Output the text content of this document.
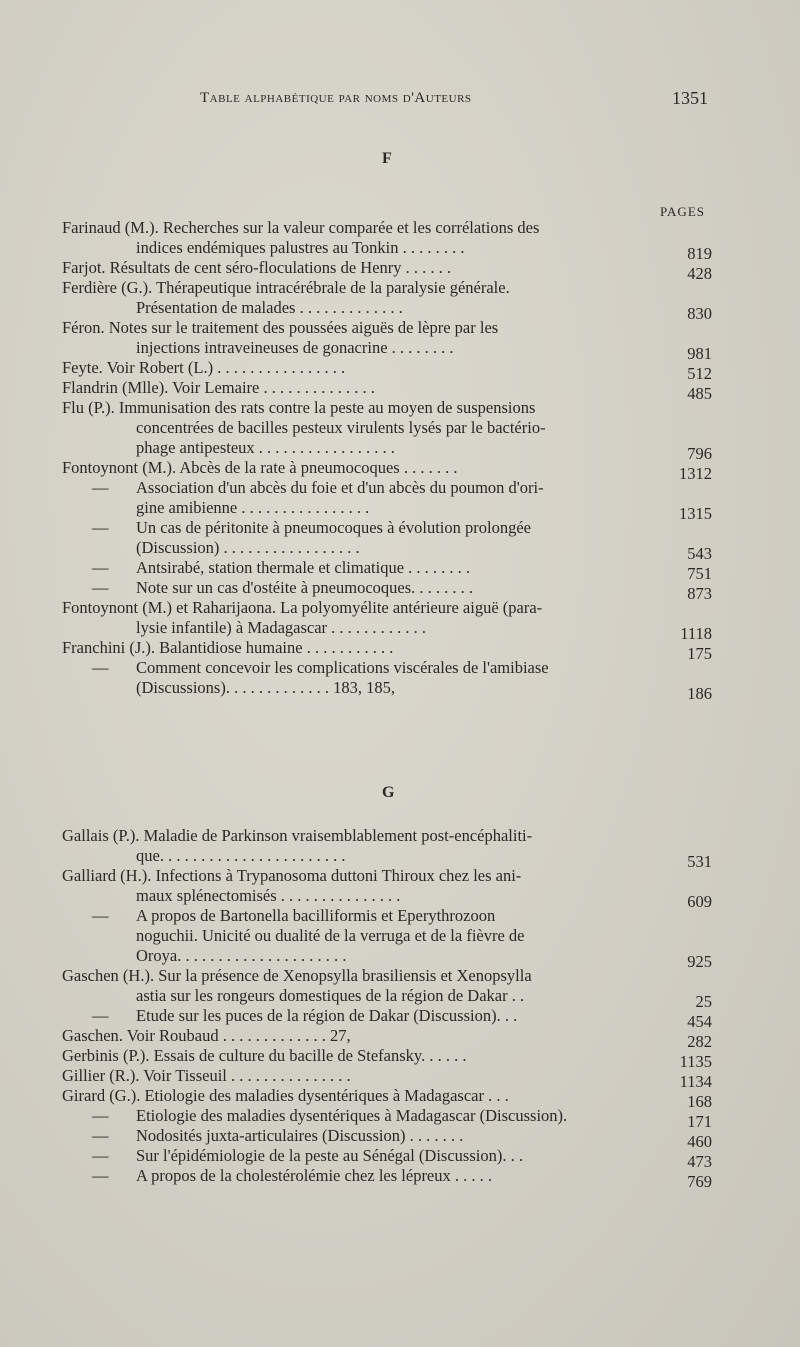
Table alphabétique par noms d'Auteurs	1351
F
PAGES
Farinaud (M.). Recherches sur la valeur comparée et les corrélations des
indices endémiques palustres au Tonkin . . . . . . . .	819
Farjot. Résultats de cent séro-floculations de Henry . . . . . .	428
Ferdière (G.). Thérapeutique intracérébrale de la paralysie générale.
Présentation de malades . . . . . . . . . . . . .	830
Féron. Notes sur le traitement des poussées aiguës de lèpre par les
injections intraveineuses de gonacrine . . . . . . . .	981
Feyte. Voir Robert (L.) . . . . . . . . . . . . . . . .	512
Flandrin (Mlle). Voir Lemaire . . . . . . . . . . . . . .	485
Flu (P.). Immunisation des rats contre la peste au moyen de suspensions
concentrées de bacilles pesteux virulents lysés par le bactério-
phage antipesteux . . . . . . . . . . . . . . . . .	796
Fontoynont (M.). Abcès de la rate à pneumocoques . . . . . . .	1312
—	Association d'un abcès du foie et d'un abcès du poumon d'ori-
gine amibienne . . . . . . . . . . . . . . . .	1315
—	Un cas de péritonite à pneumocoques à évolution prolongée
(Discussion) . . . . . . . . . . . . . . . . .	543
—	Antsirabé, station thermale et climatique . . . . . . . .	751
—	Note sur un cas d'ostéite à pneumocoques. . . . . . . .	873
Fontoynont (M.) et Raharijaona. La polyomyélite antérieure aiguë (para-
lysie infantile) à Madagascar . . . . . . . . . . . .	1118
Franchini (J.). Balantidiose humaine . . . . . . . . . . .	175
—	Comment concevoir les complications viscérales de l'amibiase
(Discussions). . . . . . . . . . . . . 183, 185,	186
G
Gallais (P.). Maladie de Parkinson vraisemblablement post-encéphaliti-
que. . . . . . . . . . . . . . . . . . . . . . .	531
Galliard (H.). Infections à Trypanosoma duttoni Thiroux chez les ani-
maux splénectomisés . . . . . . . . . . . . . . .	609
—	A propos de Bartonella bacilliformis et Eperythrozoon
noguchii. Unicité ou dualité de la verruga et de la fièvre de
Oroya. . . . . . . . . . . . . . . . . . . . .	925
Gaschen (H.). Sur la présence de Xenopsylla brasiliensis et Xenopsylla
astia sur les rongeurs domestiques de la région de Dakar . .	25
—	Etude sur les puces de la région de Dakar (Discussion). . .	454
Gaschen. Voir Roubaud . . . . . . . . . . . . . 27,	282
Gerbinis (P.). Essais de culture du bacille de Stefansky. . . . . .	1135
Gillier (R.). Voir Tisseuil . . . . . . . . . . . . . . .	1134
Girard (G.). Etiologie des maladies dysentériques à Madagascar . . .	168
—	Etiologie des maladies dysentériques à Madagascar (Discussion).	171
—	Nodosités juxta-articulaires (Discussion) . . . . . . .	460
—	Sur l'épidémiologie de la peste au Sénégal (Discussion). . .	473
—	A propos de la cholestérolémie chez les lépreux . . . . .	769
